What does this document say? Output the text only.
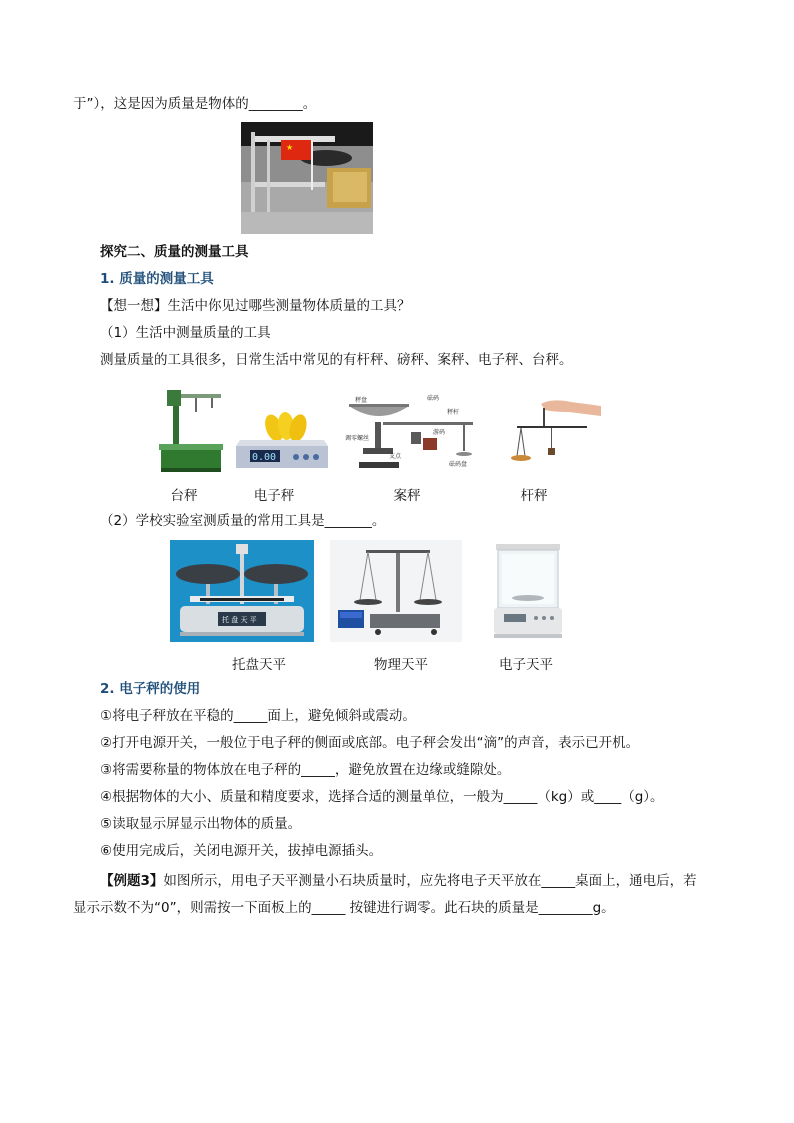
于”），这是因为质量是物体的________。
★
探究二、质量的测量工具
1. 质量的测量工具
【想一想】生活中你见过哪些测量物体质量的工具？
（1）生活中测量质量的工具
测量质量的工具很多，日常生活中常见的有杆秤、磅秤、案秤、电子秤、台秤。
0.00
秤盘	砝码
秤杆
调零螺丝
支点
游码
砝码盘
台秤	电子秤	案秤	杆秤
（2）学校实验室测质量的常用工具是_______。
托 盘 天 平
托盘天平	物理天平	电子天平
2. 电子秤的使用
①将电子秤放在平稳的_____面上，避免倾斜或震动。
②打开电源开关，一般位于电子秤的侧面或底部。电子秤会发出“滴”的声音，表示已开机。
③将需要称量的物体放在电子秤的_____，避免放置在边缘或缝隙处。
④根据物体的大小、质量和精度要求，选择合适的测量单位，一般为_____（kg）或____（g）。
⑤读取显示屏显示出物体的质量。
⑥使用完成后，关闭电源开关，拔掉电源插头。
【例题3】如图所示，用电子天平测量小石块质量时，应先将电子天平放在_____桌面上，通电后，若
显示示数不为“0”，则需按一下面板上的_____ 按键进行调零。此石块的质量是________g。
